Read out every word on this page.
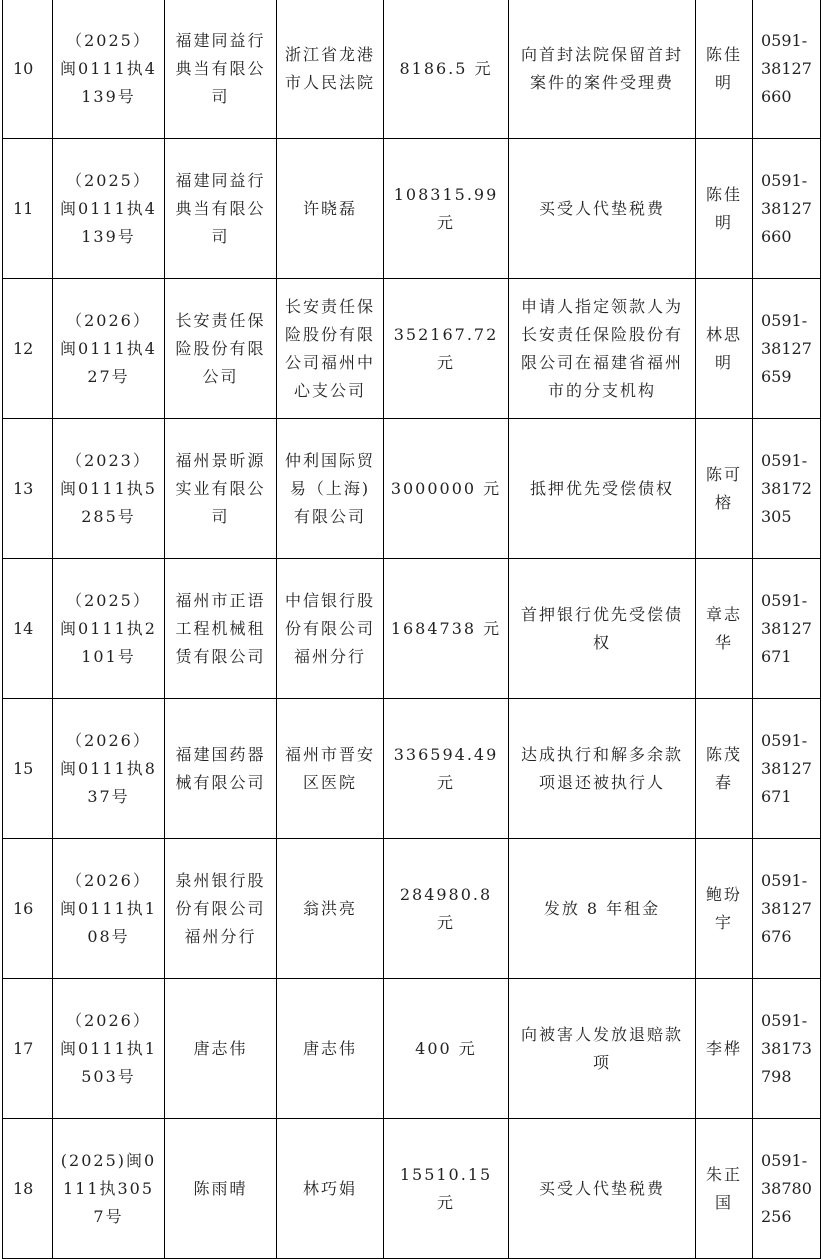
10	（2025）闽0111执4139号	福建同益行典当有限公司	浙江省龙港市人民法院	8186.5 元	向首封法院保留首封案件的案件受理费	陈佳明	0591-38127660
11	（2025）闽0111执4139号	福建同益行典当有限公司	许晓磊	108315.99 元	买受人代垫税费	陈佳明	0591-38127660
12	（2026）闽0111执427号	长安责任保险股份有限公司	长安责任保险股份有限公司福州中心支公司	352167.72 元	申请人指定领款人为长安责任保险股份有限公司在福建省福州市的分支机构	林思明	0591-38127659
13	（2023）闽0111执5285号	福州景昕源实业有限公司	仲利国际贸易（上海)有限公司	3000000 元	抵押优先受偿债权	陈可榕	0591-38172305
14	（2025）闽0111执2101号	福州市正语工程机械租赁有限公司	中信银行股份有限公司福州分行	1684738 元	首押银行优先受偿债权	章志华	0591-38127671
15	（2026）闽0111执837号	福建国药器械有限公司	福州市晋安区医院	336594.49 元	达成执行和解多余款项退还被执行人	陈茂春	0591-38127671
16	（2026）闽0111执108号	泉州银行股份有限公司福州分行	翁洪亮	284980.8 元	发放 8 年租金	鲍玢宇	0591-38127676
17	（2026）闽0111执1503号	唐志伟	唐志伟	400 元	向被害人发放退赔款项	李桦	0591-38173798
18	(2025)闽0111执3057号	陈雨晴	林巧娟	15510.15 元	买受人代垫税费	朱正国	0591-38780256
